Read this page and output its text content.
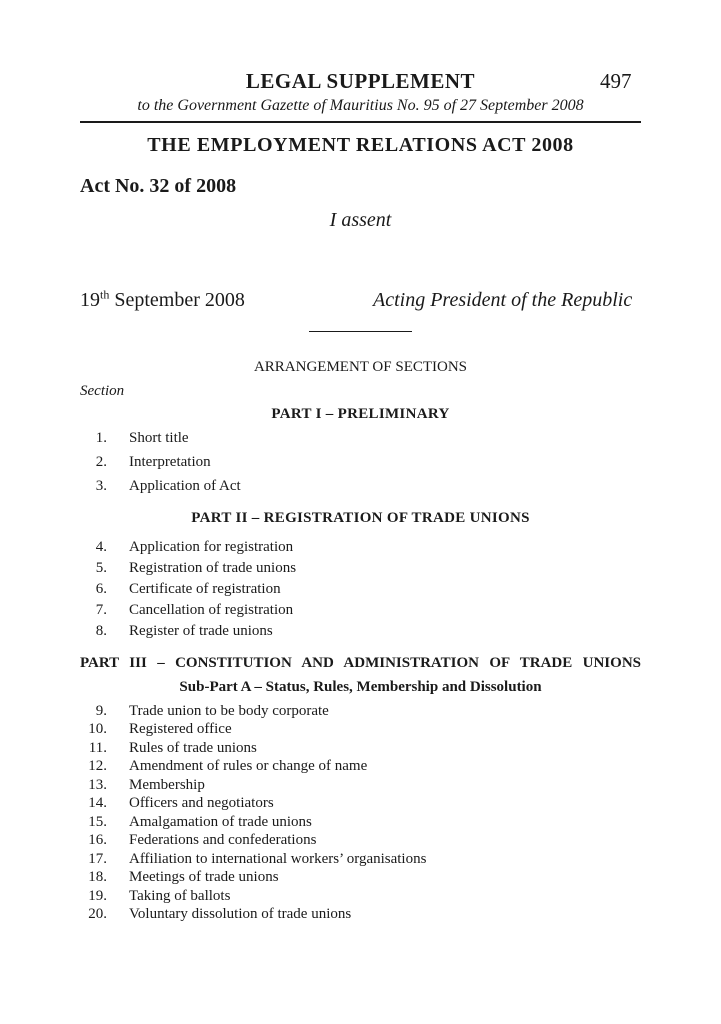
LEGAL SUPPLEMENT	497
to the Government Gazette of Mauritius No. 95 of 27 September 2008
THE EMPLOYMENT RELATIONS ACT 2008
Act No. 32 of 2008
I assent
19th September 2008	Acting President of the Republic
ARRANGEMENT OF SECTIONS
Section
PART I – PRELIMINARY
1. Short title
2. Interpretation
3. Application of Act
PART II – REGISTRATION OF TRADE UNIONS
4. Application for registration
5. Registration of trade unions
6. Certificate of registration
7. Cancellation of registration
8. Register of trade unions
PART III – CONSTITUTION AND ADMINISTRATION OF TRADE UNIONS
Sub-Part A – Status, Rules, Membership and Dissolution
9. Trade union to be body corporate
10. Registered office
11. Rules of trade unions
12. Amendment of rules or change of name
13. Membership
14. Officers and negotiators
15. Amalgamation of trade unions
16. Federations and confederations
17. Affiliation to international workers’ organisations
18. Meetings of trade unions
19. Taking of ballots
20. Voluntary dissolution of trade unions
